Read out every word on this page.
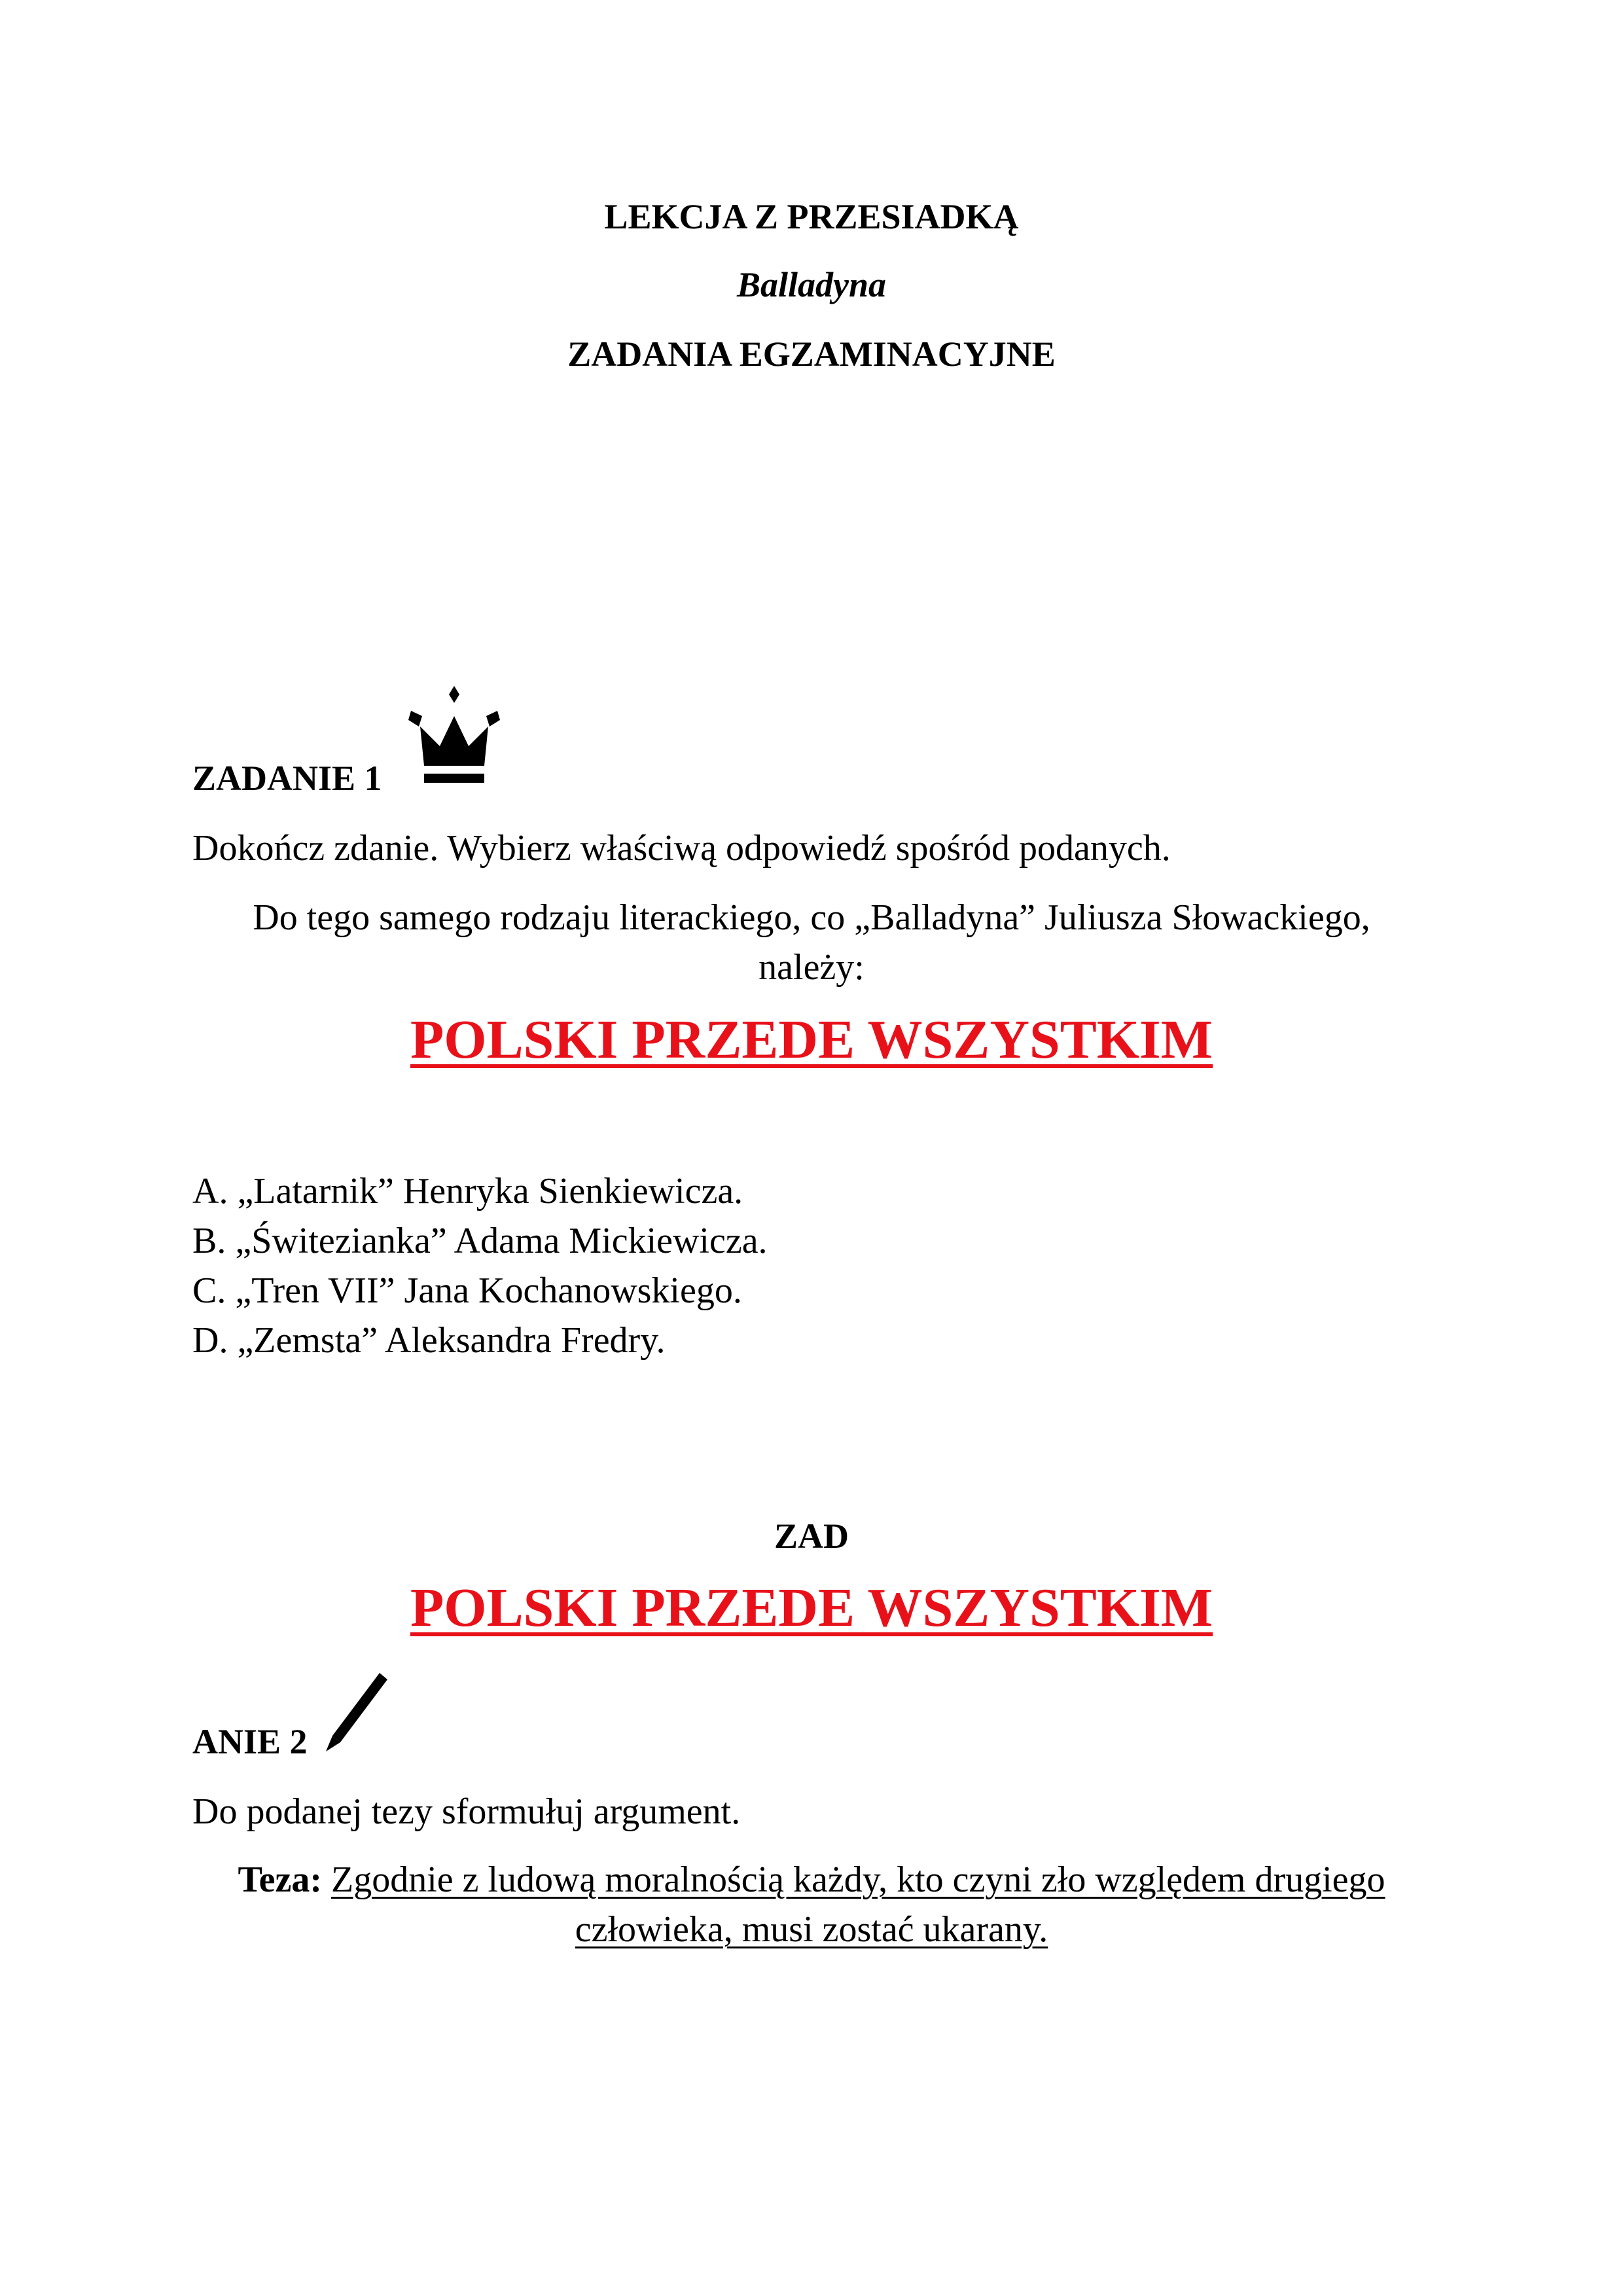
LEKCJA Z PRZESIADKĄ
Balladyna
ZADANIA EGZAMINACYJNE
ZADANIE 1
Dokończ zdanie. Wybierz właściwą odpowiedź spośród podanych.
Do tego samego rodzaju literackiego, co „Balladyna” Juliusza Słowackiego,
należy:
POLSKI PRZEDE WSZYSTKIM
A. „Latarnik” Henryka Sienkiewicza.
B. „Świtezianka” Adama Mickiewicza.
C. „Tren VII” Jana Kochanowskiego.
D. „Zemsta” Aleksandra Fredry.
ZAD
POLSKI PRZEDE WSZYSTKIM
ANIE 2
Do podanej tezy sformułuj argument.
Teza: Zgodnie z ludową moralnością każdy, kto czyni zło względem drugiego
człowieka, musi zostać ukarany.
